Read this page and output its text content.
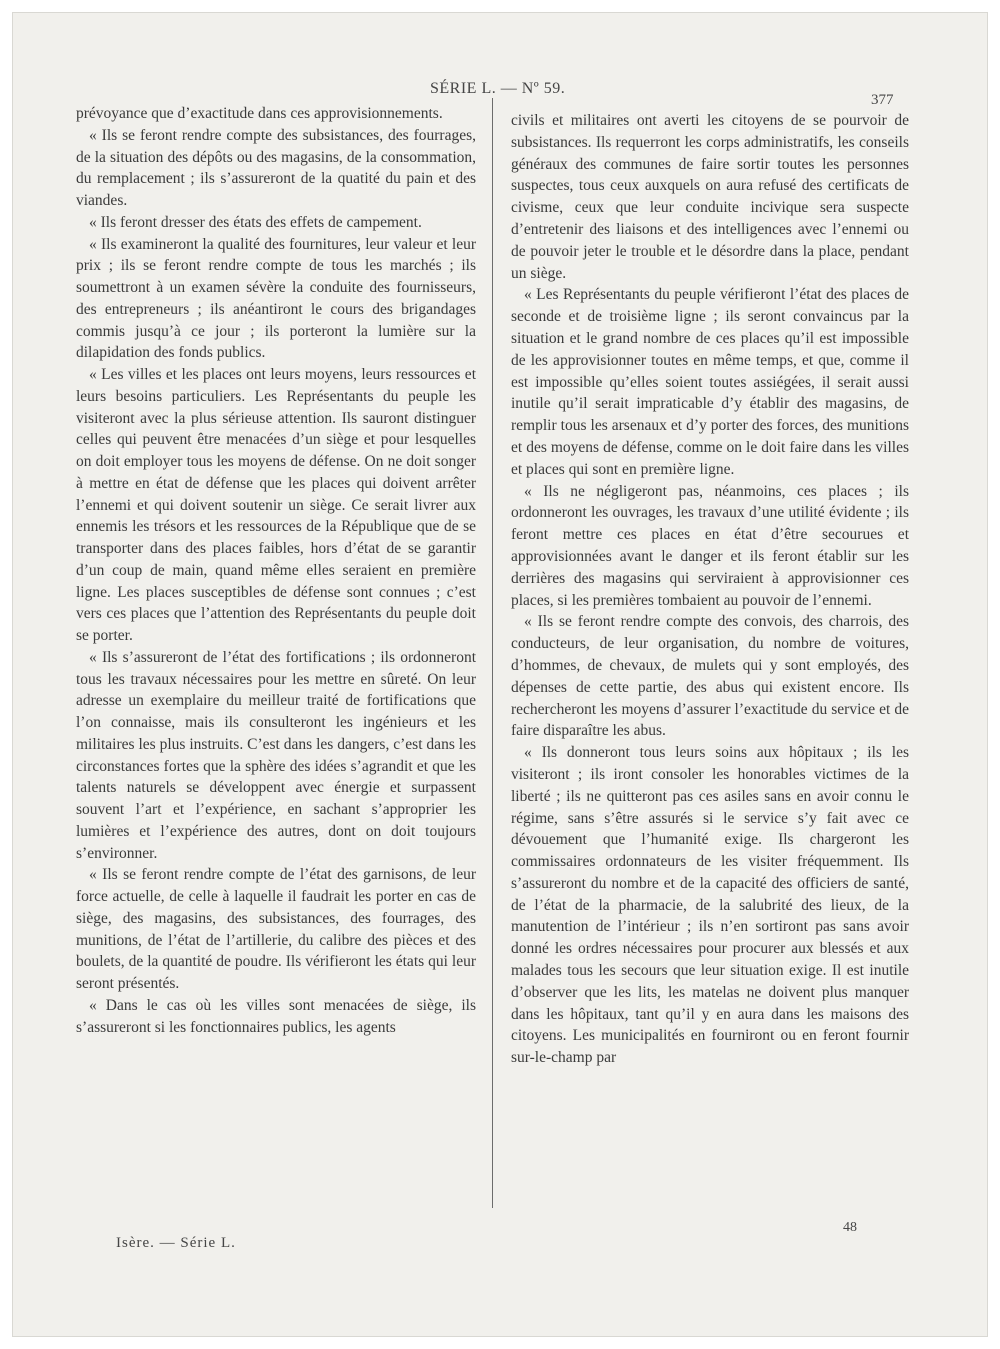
SÉRIE L. — Nº 59.
377

prévoyance que d’exactitude dans ces approvisionnements.

« Ils se feront rendre compte des subsistances, des fourrages, de la situation des dépôts ou des magasins, de la consommation, du remplacement ; ils s’assureront de la quatité du pain et des viandes.

« Ils feront dresser des états des effets de campement.

« Ils examineront la qualité des fournitures, leur valeur et leur prix ; ils se feront rendre compte de tous les marchés ; ils soumettront à un examen sévère la conduite des fournisseurs, des entrepreneurs ; ils anéantiront le cours des brigandages commis jusqu’à ce jour ; ils porteront la lumière sur la dilapidation des fonds publics.

« Les villes et les places ont leurs moyens, leurs ressources et leurs besoins particuliers. Les Représentants du peuple les visiteront avec la plus sérieuse attention. Ils sauront distinguer celles qui peuvent être menacées d’un siège et pour lesquelles on doit employer tous les moyens de défense. On ne doit songer à mettre en état de défense que les places qui doivent arrêter l’ennemi et qui doivent soutenir un siège. Ce serait livrer aux ennemis les trésors et les ressources de la République que de se transporter dans des places faibles, hors d’état de se garantir d’un coup de main, quand même elles seraient en première ligne. Les places susceptibles de défense sont connues ; c’est vers ces places que l’attention des Représentants du peuple doit se porter.

« Ils s’assureront de l’état des fortifications ; ils ordonneront tous les travaux nécessaires pour les mettre en sûreté. On leur adresse un exemplaire du meilleur traité de fortifications que l’on connaisse, mais ils consulteront les ingénieurs et les militaires les plus instruits. C’est dans les dangers, c’est dans les circonstances fortes que la sphère des idées s’agrandit et que les talents naturels se développent avec énergie et surpassent souvent l’art et l’expérience, en sachant s’approprier les lumières et l’expérience des autres, dont on doit toujours s’environner.

« Ils se feront rendre compte de l’état des garnisons, de leur force actuelle, de celle à laquelle il faudrait les porter en cas de siège, des magasins, des subsistances, des fourrages, des munitions, de l’état de l’artillerie, du calibre des pièces et des boulets, de la quantité de poudre. Ils vérifieront les états qui leur seront présentés.

« Dans le cas où les villes sont menacées de siège, ils s’assureront si les fonctionnaires publics, les agents

civils et militaires ont averti les citoyens de se pourvoir de subsistances. Ils requerront les corps administratifs, les conseils généraux des communes de faire sortir toutes les personnes suspectes, tous ceux auxquels on aura refusé des certificats de civisme, ceux que leur conduite incivique sera suspecte d’entretenir des liaisons et des intelligences avec l’ennemi ou de pouvoir jeter le trouble et le désordre dans la place, pendant un siège.

« Les Représentants du peuple vérifieront l’état des places de seconde et de troisième ligne ; ils seront convaincus par la situation et le grand nombre de ces places qu’il est impossible de les approvisionner toutes en même temps, et que, comme il est impossible qu’elles soient toutes assiégées, il serait aussi inutile qu’il serait impraticable d’y établir des magasins, de remplir tous les arsenaux et d’y porter des forces, des munitions et des moyens de défense, comme on le doit faire dans les villes et places qui sont en première ligne.

« Ils ne négligeront pas, néanmoins, ces places ; ils ordonneront les ouvrages, les travaux d’une utilité évidente ; ils feront mettre ces places en état d’être secourues et approvisionnées avant le danger et ils feront établir sur les derrières des magasins qui serviraient à approvisionner ces places, si les premières tombaient au pouvoir de l’ennemi.

« Ils se feront rendre compte des convois, des charrois, des conducteurs, de leur organisation, du nombre de voitures, d’hommes, de chevaux, de mulets qui y sont employés, des dépenses de cette partie, des abus qui existent encore. Ils rechercheront les moyens d’assurer l’exactitude du service et de faire disparaître les abus.

« Ils donneront tous leurs soins aux hôpitaux ; ils les visiteront ; ils iront consoler les honorables victimes de la liberté ; ils ne quitteront pas ces asiles sans en avoir connu le régime, sans s’être assurés si le service s’y fait avec ce dévouement que l’humanité exige. Ils chargeront les commissaires ordonnateurs de les visiter fréquemment. Ils s’assureront du nombre et de la capacité des officiers de santé, de l’état de la pharmacie, de la salubrité des lieux, de la manutention de l’intérieur ; ils n’en sortiront pas sans avoir donné les ordres nécessaires pour procurer aux blessés et aux malades tous les secours que leur situation exige. Il est inutile d’observer que les lits, les matelas ne doivent plus manquer dans les hôpitaux, tant qu’il y en aura dans les maisons des citoyens. Les municipalités en fourniront ou en feront fournir sur-le-champ par

Isère. — Série L.
48
